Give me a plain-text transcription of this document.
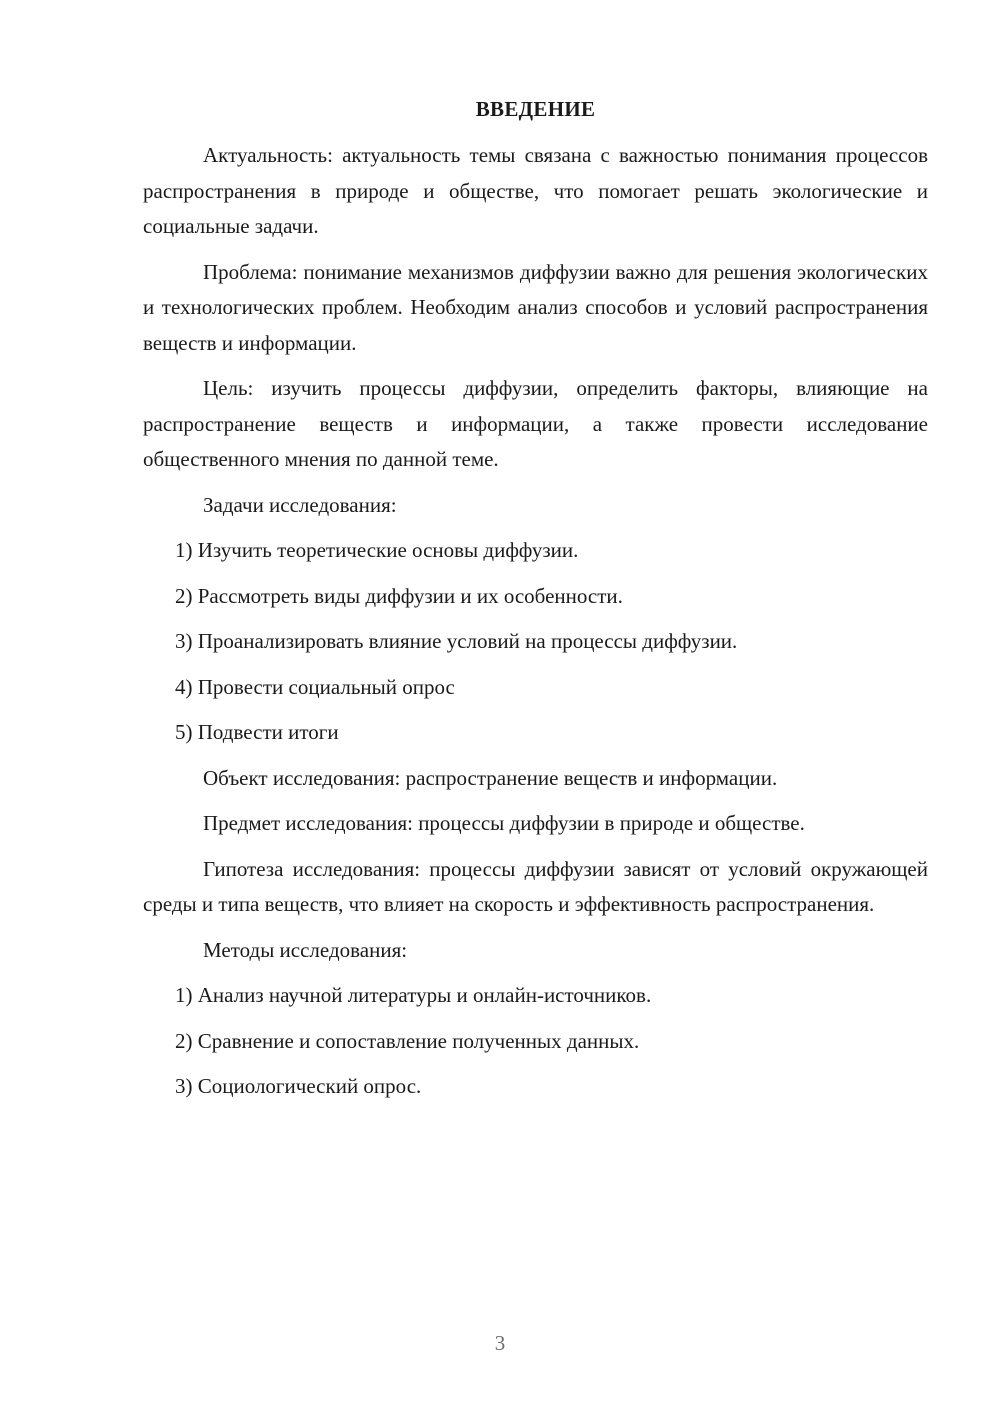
ВВЕДЕНИЕ

Актуальность: актуальность темы связана с важностью понимания процессов распространения в природе и обществе, что помогает решать экологические и социальные задачи.

Проблема: понимание механизмов диффузии важно для решения экологических и технологических проблем. Необходим анализ способов и условий распространения веществ и информации.

Цель: изучить процессы диффузии, определить факторы, влияющие на распространение веществ и информации, а также провести исследование общественного мнения по данной теме.

Задачи исследования:

1) Изучить теоретические основы диффузии.

2) Рассмотреть виды диффузии и их особенности.

3) Проанализировать влияние условий на процессы диффузии.

4) Провести социальный опрос

5) Подвести итоги

Объект исследования: распространение веществ и информации.

Предмет исследования: процессы диффузии в природе и обществе.

Гипотеза исследования: процессы диффузии зависят от условий окружающей среды и типа веществ, что влияет на скорость и эффективность распространения.

Методы исследования:

1) Анализ научной литературы и онлайн-источников.

2) Сравнение и сопоставление полученных данных.

3) Социологический опрос.

3
